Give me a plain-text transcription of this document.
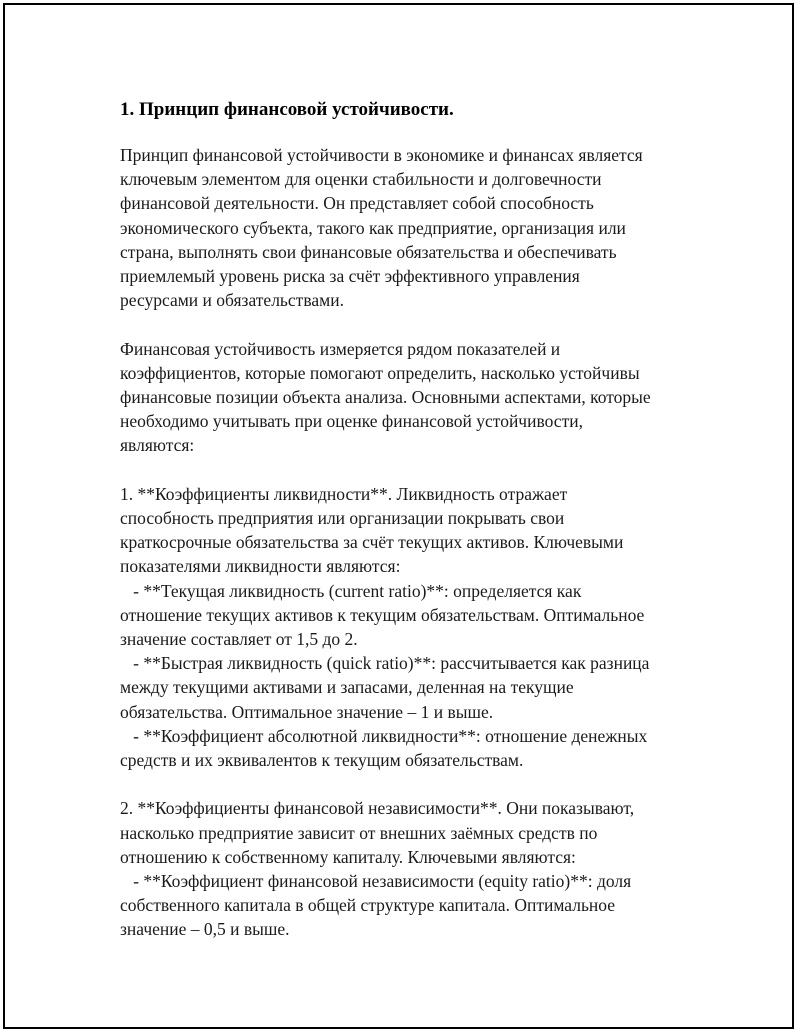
1. Принцип финансовой устойчивости.
Принцип финансовой устойчивости в экономике и финансах является
ключевым элементом для оценки стабильности и долговечности
финансовой деятельности. Он представляет собой способность
экономического субъекта, такого как предприятие, организация или
страна, выполнять свои финансовые обязательства и обеспечивать
приемлемый уровень риска за счёт эффективного управления
ресурсами и обязательствами.
Финансовая устойчивость измеряется рядом показателей и
коэффициентов, которые помогают определить, насколько устойчивы
финансовые позиции объекта анализа. Основными аспектами, которые
необходимо учитывать при оценке финансовой устойчивости,
являются:
1. **Коэффициенты ликвидности**. Ликвидность отражает
способность предприятия или организации покрывать свои
краткосрочные обязательства за счёт текущих активов. Ключевыми
показателями ликвидности являются:
- **Текущая ликвидность (current ratio)**: определяется как
отношение текущих активов к текущим обязательствам. Оптимальное
значение составляет от 1,5 до 2.
- **Быстрая ликвидность (quick ratio)**: рассчитывается как разница
между текущими активами и запасами, деленная на текущие
обязательства. Оптимальное значение – 1 и выше.
- **Коэффициент абсолютной ликвидности**: отношение денежных
средств и их эквивалентов к текущим обязательствам.
2. **Коэффициенты финансовой независимости**. Они показывают,
насколько предприятие зависит от внешних заёмных средств по
отношению к собственному капиталу. Ключевыми являются:
- **Коэффициент финансовой независимости (equity ratio)**: доля
собственного капитала в общей структуре капитала. Оптимальное
значение – 0,5 и выше.
